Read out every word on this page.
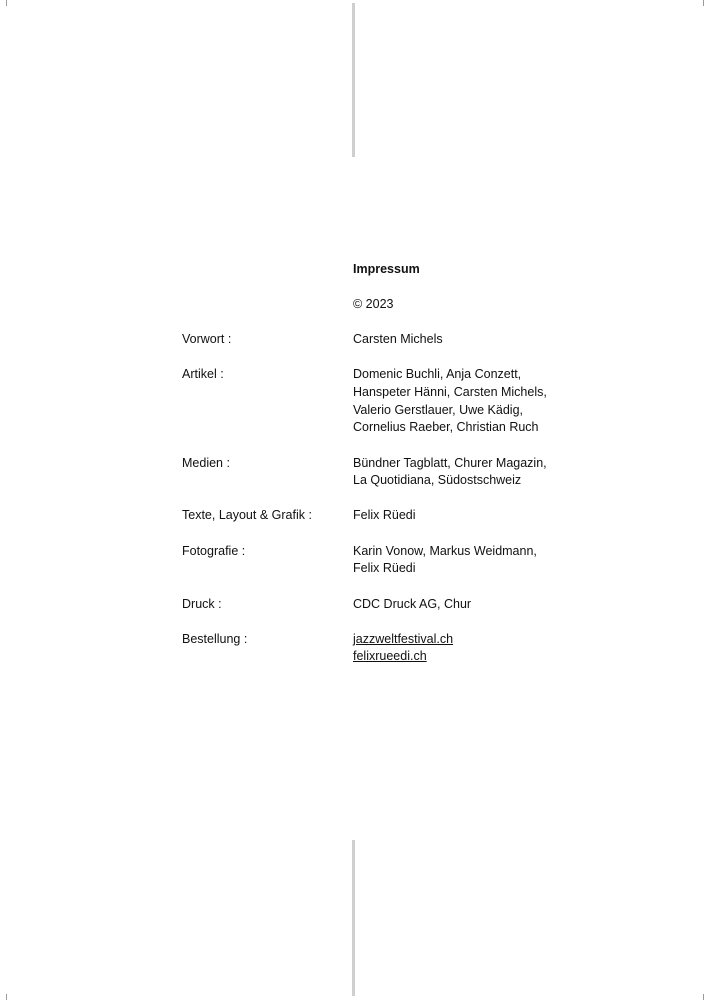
Impressum
© 2023
Vorwort :	Carsten Michels
Artikel :	Domenic Buchli, Anja Conzett,
Hanspeter Hänni, Carsten Michels,
Valerio Gerstlauer, Uwe Kädig,
Cornelius Raeber, Christian Ruch
Medien :	Bündner Tagblatt, Churer Magazin,
La Quotidiana, Südostschweiz
Texte, Layout & Grafik :	Felix Rüedi
Fotografie :	Karin Vonow, Markus Weidmann,
Felix Rüedi
Druck :	CDC Druck AG, Chur
Bestellung :	jazzweltfestival.ch
felixrueedi.ch
